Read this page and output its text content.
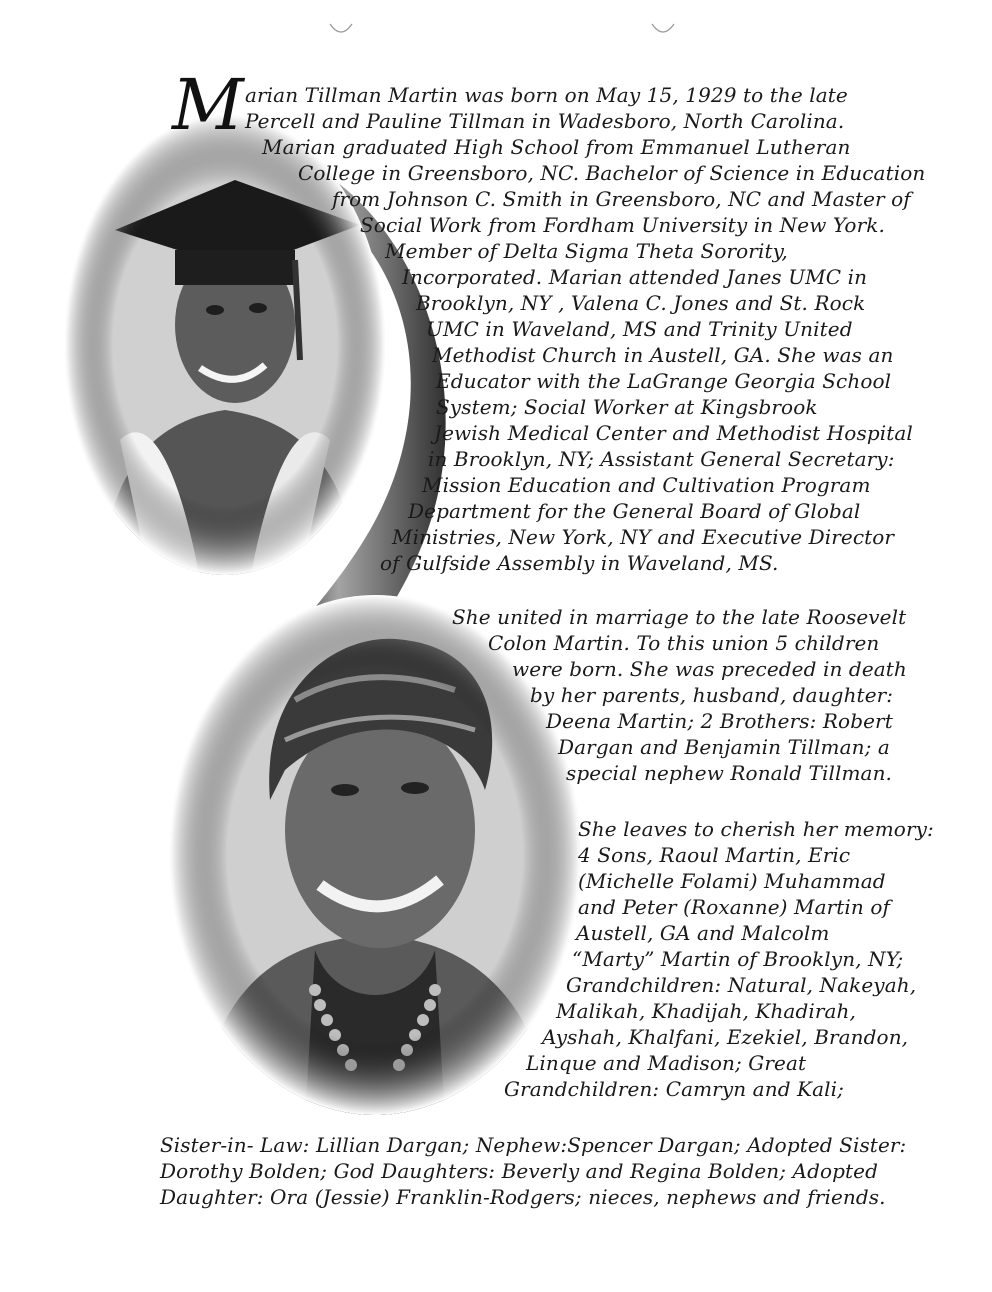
M arian Tillman Martin was born on May 15, 1929 to the late
Percell and Pauline Tillman in Wadesboro, North Carolina.
Marian graduated High School from Emmanuel Lutheran
College in Greensboro, NC. Bachelor of Science in Education
from Johnson C. Smith in Greensboro, NC and Master of
Social Work from Fordham University in New York.
Member of Delta Sigma Theta Sorority,
Incorporated. Marian attended Janes UMC in
Brooklyn, NY , Valena C. Jones and St. Rock
UMC in Waveland, MS and Trinity United
Methodist Church in Austell, GA. She was an
Educator with the LaGrange Georgia School
System; Social Worker at Kingsbrook
Jewish Medical Center and Methodist Hospital
in Brooklyn, NY; Assistant General Secretary:
Mission Education and Cultivation Program
Department for the General Board of Global
Ministries, New York, NY and Executive Director
of Gulfside Assembly in Waveland, MS.
She united in marriage to the late Roosevelt
Colon Martin. To this union 5 children
were born. She was preceded in death
by her parents, husband, daughter:
Deena Martin; 2 Brothers: Robert
Dargan and Benjamin Tillman; a
special nephew Ronald Tillman.
She leaves to cherish her memory:
4 Sons, Raoul Martin, Eric
(Michelle Folami) Muhammad
and Peter (Roxanne) Martin of
Austell, GA and Malcolm
“Marty” Martin of Brooklyn, NY;
Grandchildren: Natural, Nakeyah,
Malikah, Khadijah, Khadirah,
Ayshah, Khalfani, Ezekiel, Brandon,
Linque and Madison; Great
Grandchildren: Camryn and Kali;
Sister-in- Law: Lillian Dargan; Nephew:Spencer Dargan; Adopted Sister:
Dorothy Bolden; God Daughters: Beverly and Regina Bolden; Adopted
Daughter: Ora (Jessie) Franklin-Rodgers; nieces, nephews and friends.
